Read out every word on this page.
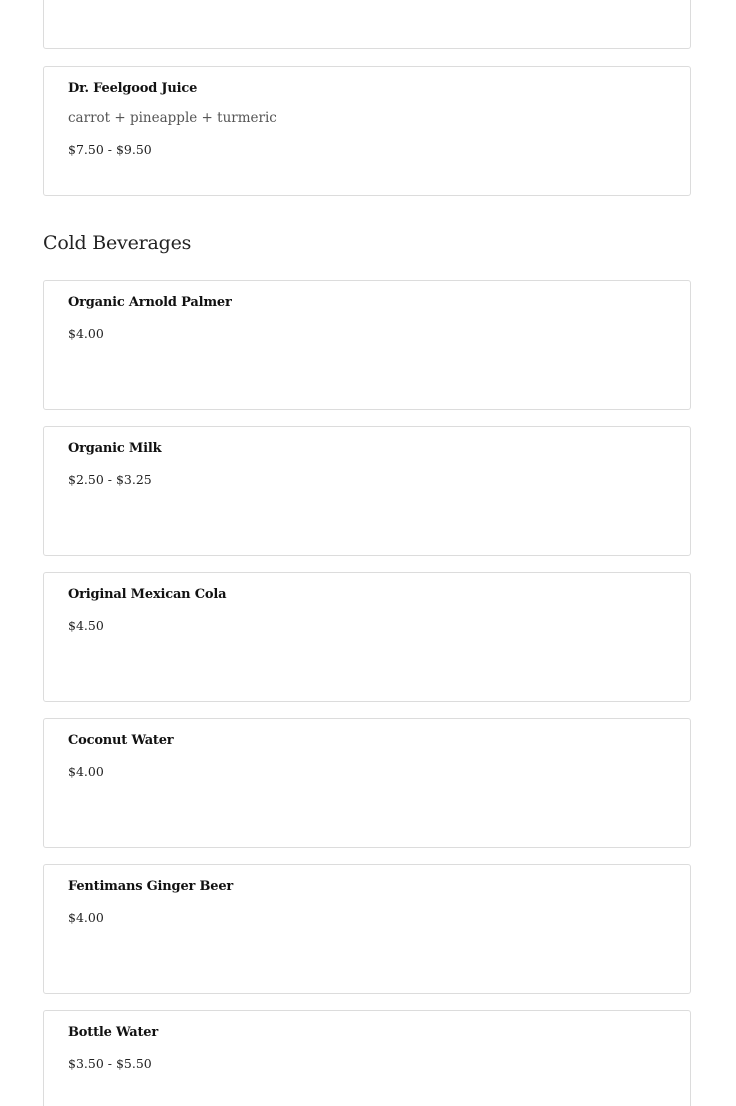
Dr. Feelgood Juice
carrot + pineapple + turmeric
$7.50 - $9.50
Cold Beverages
Organic Arnold Palmer
$4.00
Organic Milk
$2.50 - $3.25
Original Mexican Cola
$4.50
Coconut Water
$4.00
Fentimans Ginger Beer
$4.00
Bottle Water
$3.50 - $5.50
